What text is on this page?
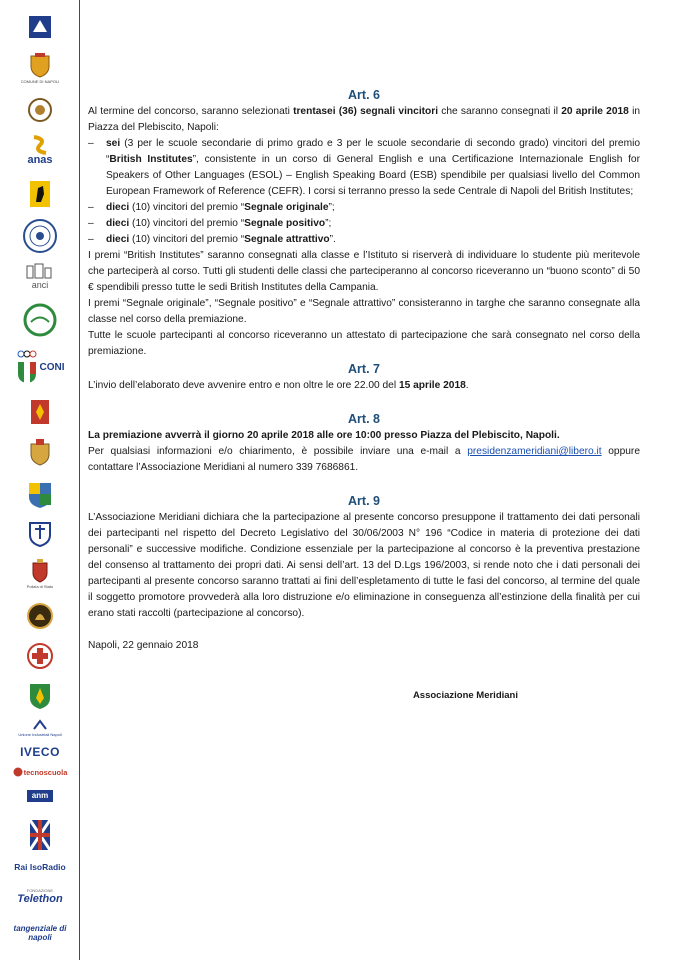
COMUNE DI NAPOLI
anas
anci
CONI
Polizia di Stato
Unione Industriali Napoli
IVECO
tecnoscuola
anm
Rai IsoRadio
FONDAZIONE
Telethon
tangenziale di napoli
Art. 6

Al termine del concorso, saranno selezionati trentasei (36) segnali vincitori che saranno consegnati il 20 aprile 2018 in Piazza del Plebiscito, Napoli:

– sei (3 per le scuole secondarie di primo grado e 3 per le scuole secondarie di secondo grado) vincitori del premio “British Institutes”, consistente in un corso di General English e una Certificazione Internazionale English for Speakers of Other Languages (ESOL) – English Speaking Board (ESB) spendibile per qualsiasi livello del Common European Framework of Reference (CEFR). I corsi si terranno presso la sede Centrale di Napoli del British Institutes;
– dieci (10) vincitori del premio “Segnale originale”;
– dieci (10) vincitori del premio “Segnale positivo”;
– dieci (10) vincitori del premio “Segnale attrattivo”.

I premi “British Institutes” saranno consegnati alla classe e l’Istituto si riserverà di individuare lo studente più meritevole che parteciperà al corso. Tutti gli studenti delle classi che parteciperanno al concorso riceveranno un “buono sconto” di 50 € spendibili presso tutte le sedi British Institutes della Campania.

I premi “Segnale originale”, “Segnale positivo” e “Segnale attrattivo” consisteranno in targhe che saranno consegnate alla classe nel corso della premiazione.

Tutte le scuole partecipanti al concorso riceveranno un attestato di partecipazione che sarà consegnato nel corso della premiazione.

Art. 7

L’invio dell’elaborato deve avvenire entro e non oltre le ore 22.00 del 15 aprile 2018.

Art. 8

La premiazione avverrà il giorno 20 aprile 2018 alle ore 10:00 presso Piazza del Plebiscito, Napoli.

Per qualsiasi informazioni e/o chiarimento, è possibile inviare una e-mail a presidenzameridiani@libero.it oppure contattare l’Associazione Meridiani al numero 339 7686861.

Art. 9

L’Associazione Meridiani dichiara che la partecipazione al presente concorso presuppone il trattamento dei dati personali dei partecipanti nel rispetto del Decreto Legislativo del 30/06/2003 N° 196 “Codice in materia di protezione dei dati personali” e successive modifiche. Condizione essenziale per la partecipazione al concorso è la preventiva prestazione del consenso al trattamento dei propri dati. Ai sensi dell’art. 13 del D.Lgs 196/2003, si rende noto che i dati personali dei partecipanti al presente concorso saranno trattati ai fini dell’espletamento di tutte le fasi del concorso, al termine del quale il soggetto promotore provvederà alla loro distruzione e/o eliminazione in conseguenza all’estinzione della finalità per cui erano stati raccolti (partecipazione al concorso).

Napoli, 22 gennaio 2018

Associazione Meridiani
